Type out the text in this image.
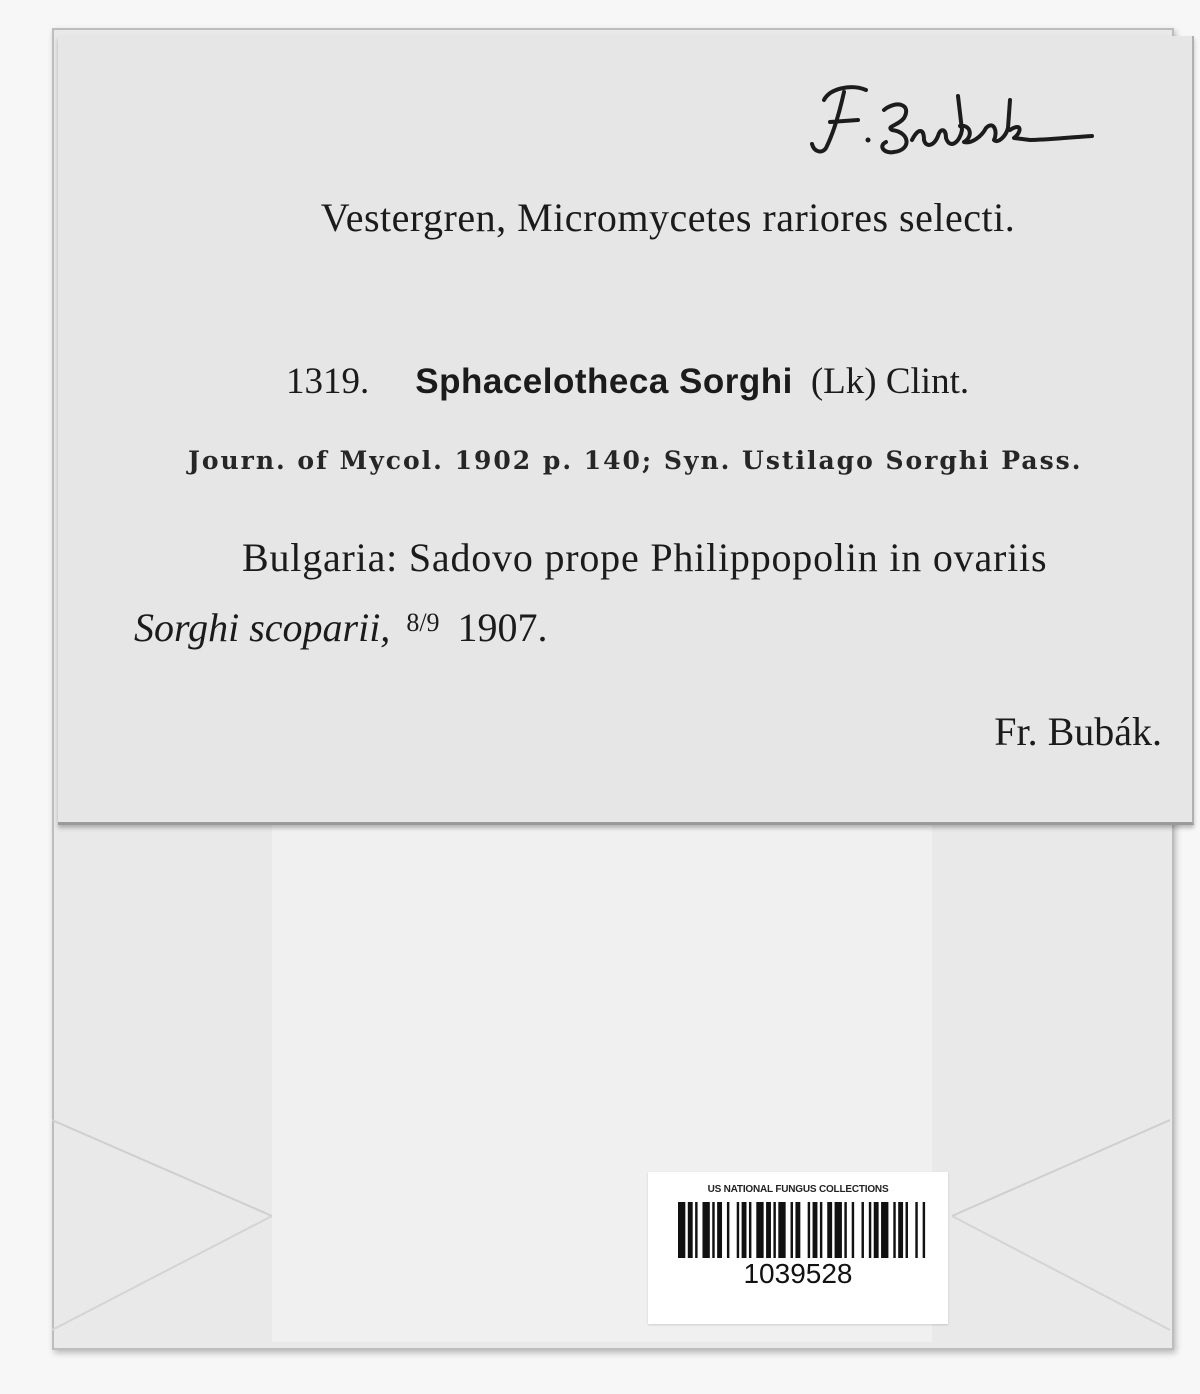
Vestergren, Micromycetes rariores selecti.
1319. Sphacelotheca Sorghi (Lk) Clint.
Journ. of Mycol. 1902 p. 140; Syn. Ustilago Sorghi Pass.
Bulgaria: Sadovo prope Philippopolin in ovariis
Sorghi scoparii, $^{8/9}$ 1907.
Fr. Bubák.
US NATIONAL FUNGUS COLLECTIONS
1039528
